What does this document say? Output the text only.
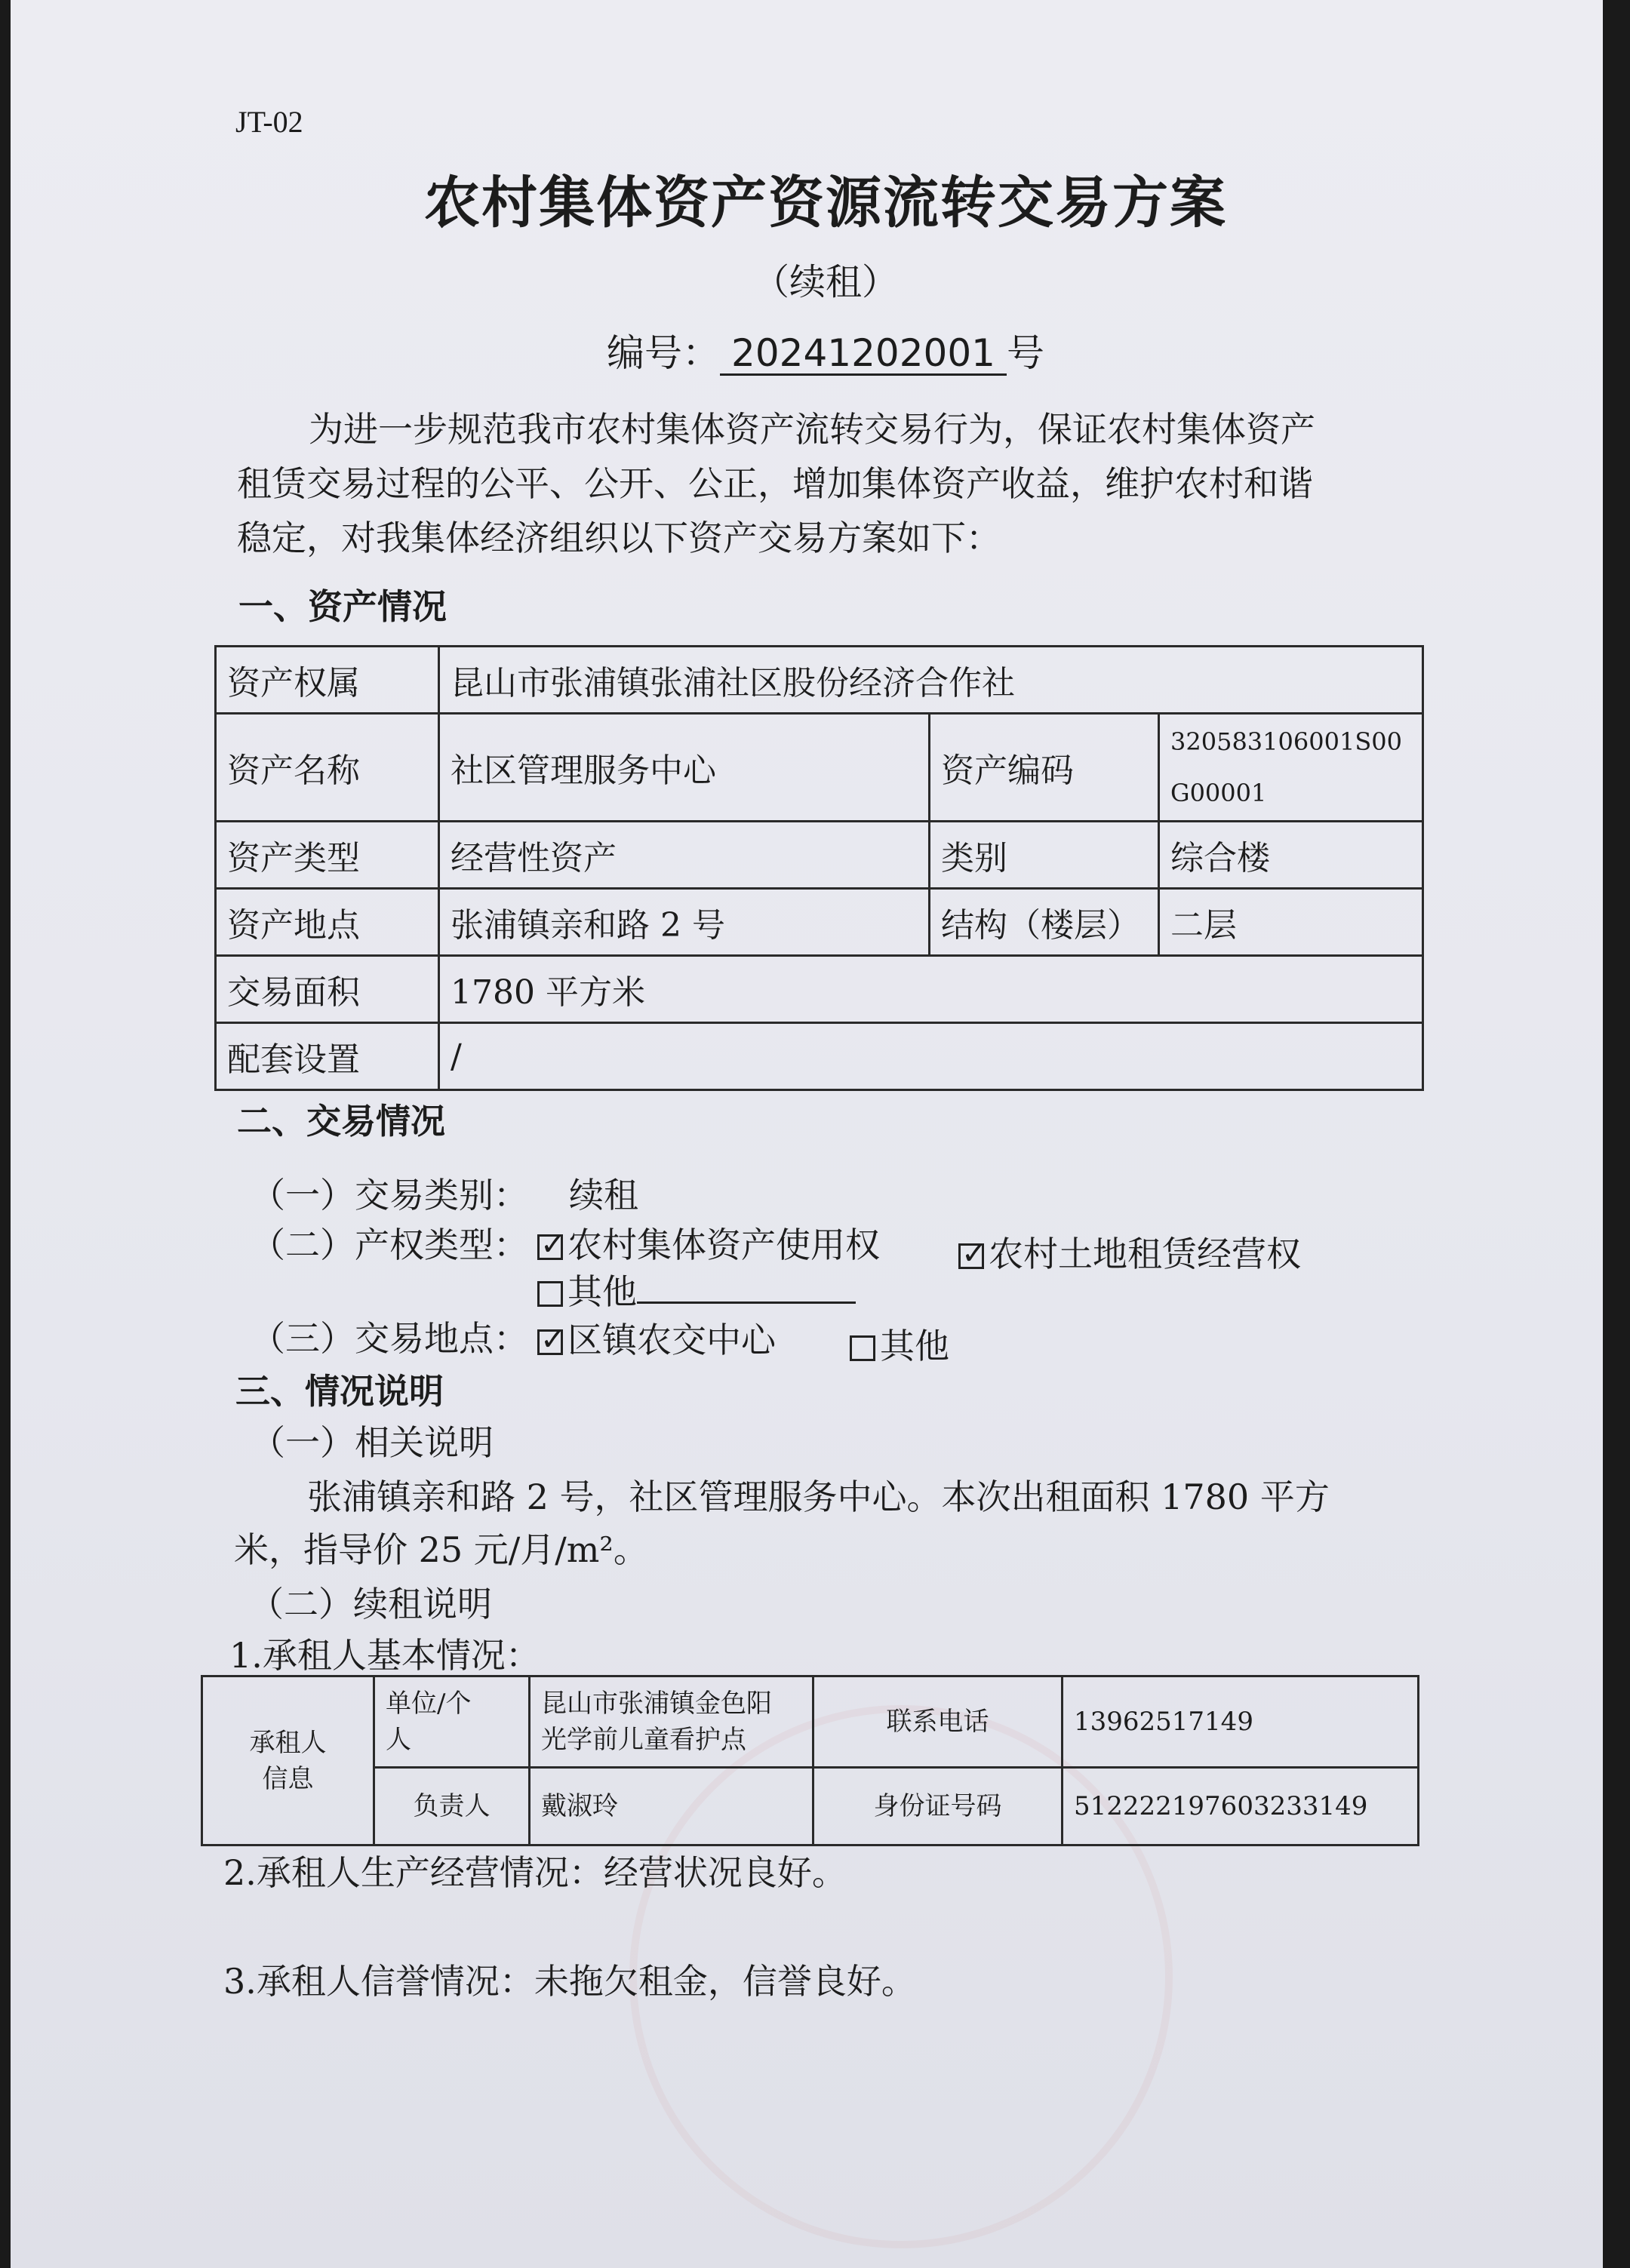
JT-02
农村集体资产资源流转交易方案
（续租）
编号： 20241202001 号
为进一步规范我市农村集体资产流转交易行为，保证农村集体资产
租赁交易过程的公平、公开、公正，增加集体资产收益，维护农村和谐
稳定，对我集体经济组织以下资产交易方案如下：
一、资产情况
资产权属	昆山市张浦镇张浦社区股份经济合作社		
资产名称	社区管理服务中心	资产编码	320583106001S00
G00001
资产类型	经营性资产	类别	综合楼
资产地点	张浦镇亲和路 2 号	结构（楼层）	二层
交易面积	1780 平方米		
配套设置	/		
二、交易情况
（一）交易类别： 续租
（二）产权类型： ✓	农村集体资产使用权 ✓	农村土地租赁经营权
其他
（三）交易地点： ✓	区镇农交中心	其他
三、情况说明
（一）相关说明
张浦镇亲和路 2 号，社区管理服务中心。本次出租面积 1780 平方
米，指导价 25 元/月/m²。
（二）续租说明
1.承租人基本情况：
承租人
信息	单位/个
人	昆山市张浦镇金色阳
光学前儿童看护点	联系电话	13962517149
	负责人	戴淑玲	身份证号码	512222197603233149
2.承租人生产经营情况：经营状况良好。
3.承租人信誉情况：未拖欠租金，信誉良好。
